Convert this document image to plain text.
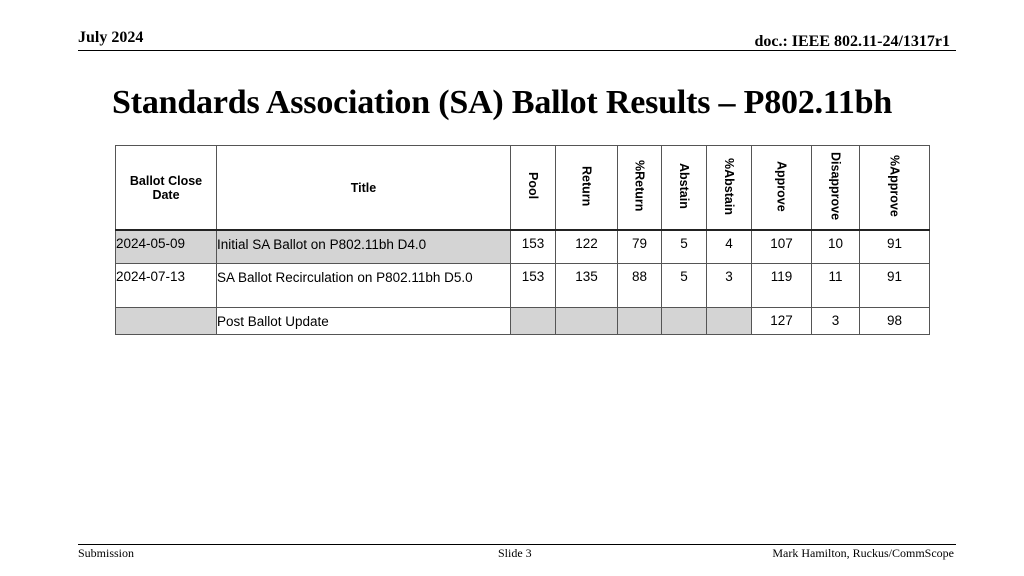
July 2024	doc.: IEEE 802.11-24/1317r1
Standards Association (SA) Ballot Results – P802.11bh
Ballot Close Date	Title	Pool	Return	%Return	Abstain	%Abstain	Approve	Disapprove	%Approve
2024-05-09	Initial SA Ballot on P802.11bh D4.0	153	122	79	5	4	107	10	91
2024-07-13	SA Ballot Recirculation on P802.11bh D5.0	153	135	88	5	3	119	11	91
	Post Ballot Update						127	3	98
Submission	Slide 3	Mark Hamilton, Ruckus/CommScope
